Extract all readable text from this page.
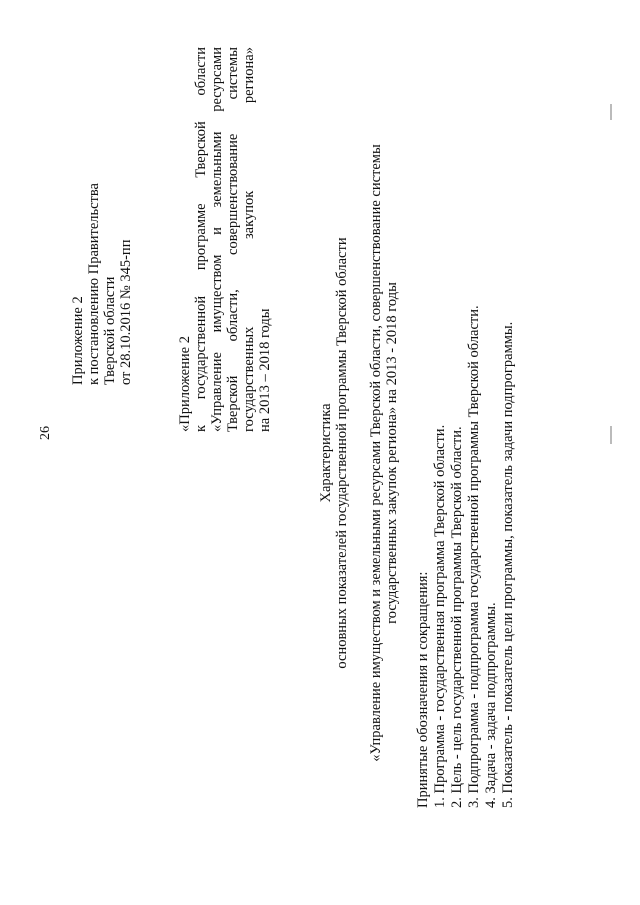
26
Приложение 2 к постановлению Правительства Тверской области от 28.10.2016 № 345-пп	«Приложение 2 к
государственной
программе
Тверской
области
«Управление
имуществом
и
земельными
ресурсами
Тверской
области,
совершенствование
системы
государственных
закупок
региона»
на 2013 – 2018 годы
Характеристика основных показателей государственной программы Тверской области «Управление имуществом и земельными ресурсами Тверской области, совершенствование системы государственных закупок региона» на 2013 - 2018 годы
Принятые обозначения и сокращения: 1. Программа - государственная программа Тверской области. 2. Цель - цель государственной программы Тверской области. 3. Подпрограмма - подпрограмма государственной программы Тверской области. 4. Задача - задача подпрограммы. 5. Показатель - показатель цели программы, показатель задачи подпрограммы.
